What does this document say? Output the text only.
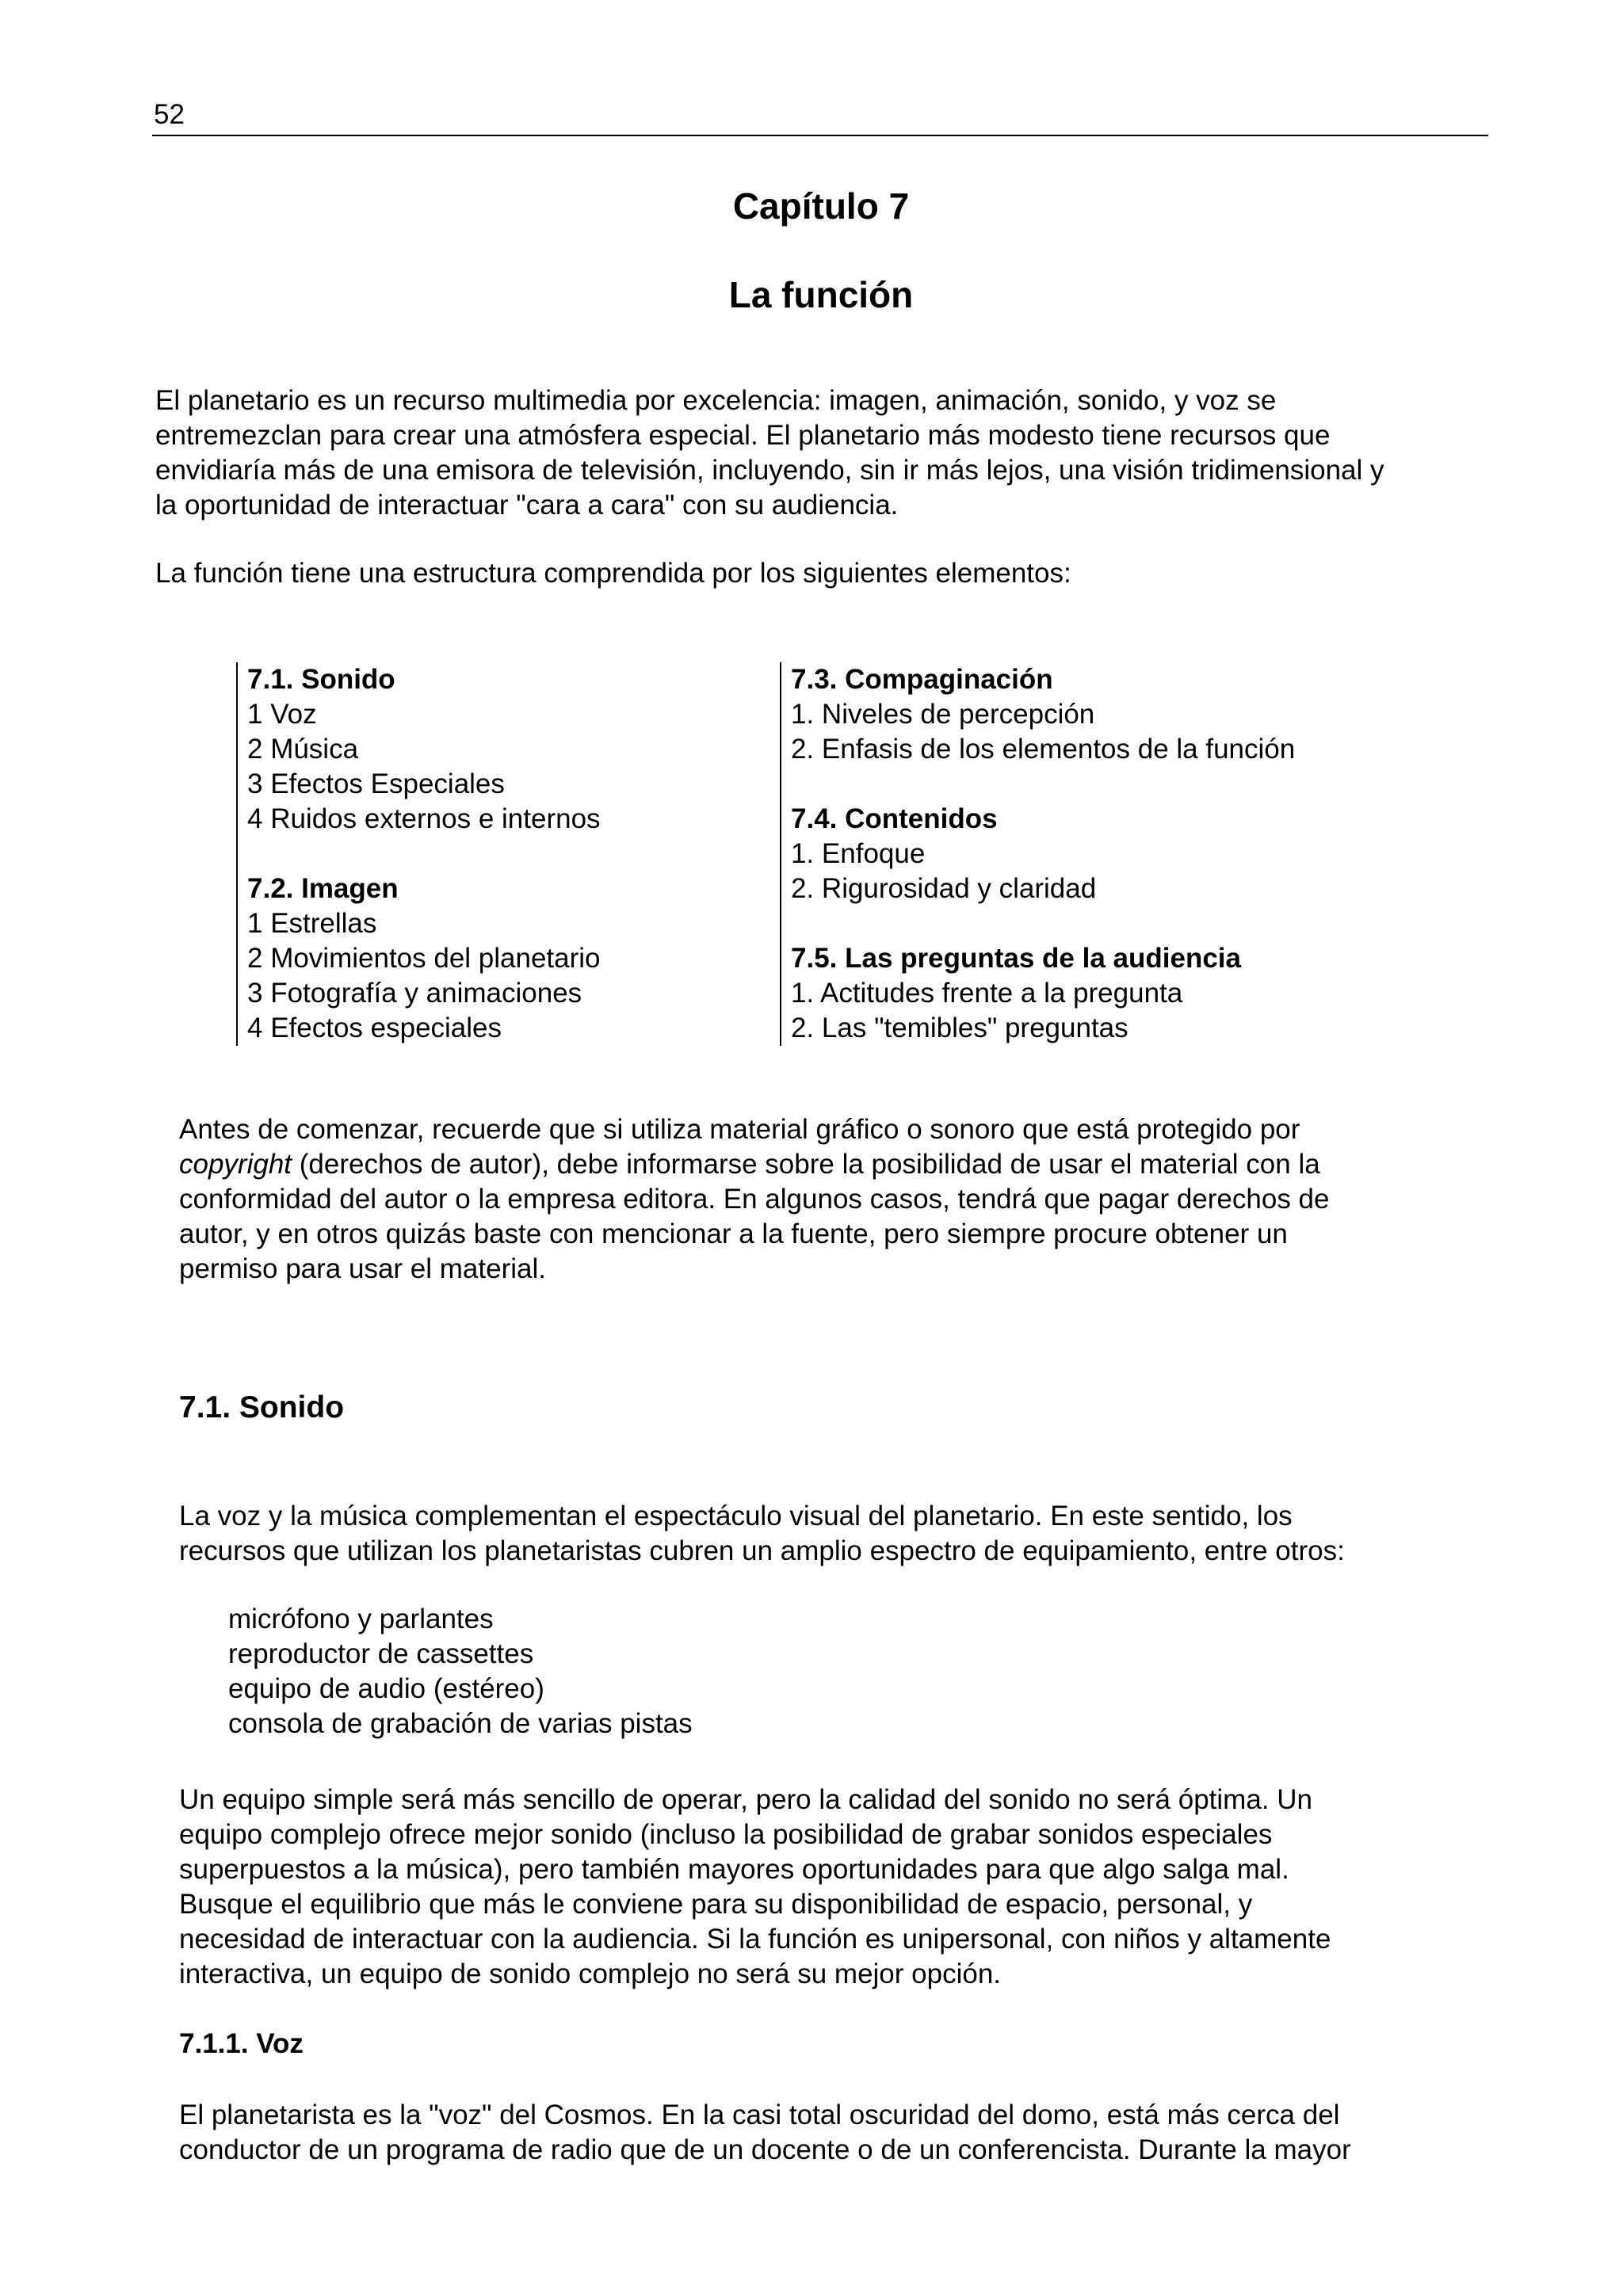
52
Capítulo 7
La función
El planetario es un recurso multimedia por excelencia: imagen, animación, sonido, y voz se
entremezclan para crear una atmósfera especial. El planetario más modesto tiene recursos que
envidiaría más de una emisora de televisión, incluyendo, sin ir más lejos, una visión tridimensional y
la oportunidad de interactuar "cara a cara" con su audiencia.
La función tiene una estructura comprendida por los siguientes elementos:
7.1. Sonido
1 Voz
2 Música
3 Efectos Especiales
4 Ruidos externos e internos
7.2. Imagen
1 Estrellas
2 Movimientos del planetario
3 Fotografía y animaciones
4 Efectos especiales
7.3. Compaginación
1. Niveles de percepción
2. Enfasis de los elementos de la función
7.4. Contenidos
1. Enfoque
2. Rigurosidad y claridad
7.5. Las preguntas de la audiencia
1. Actitudes frente a la pregunta
2. Las "temibles" preguntas
Antes de comenzar, recuerde que si utiliza material gráfico o sonoro que está protegido por
copyright (derechos de autor), debe informarse sobre la posibilidad de usar el material con la
conformidad del autor o la empresa editora. En algunos casos, tendrá que pagar derechos de
autor, y en otros quizás baste con mencionar a la fuente, pero siempre procure obtener un
permiso para usar el material.
7.1. Sonido
La voz y la música complementan el espectáculo visual del planetario. En este sentido, los
recursos que utilizan los planetaristas cubren un amplio espectro de equipamiento, entre otros:
micrófono y parlantes
reproductor de cassettes
equipo de audio (estéreo)
consola de grabación de varias pistas
Un equipo simple será más sencillo de operar, pero la calidad del sonido no será óptima. Un
equipo complejo ofrece mejor sonido (incluso la posibilidad de grabar sonidos especiales
superpuestos a la música), pero también mayores oportunidades para que algo salga mal.
Busque el equilibrio que más le conviene para su disponibilidad de espacio, personal, y
necesidad de interactuar con la audiencia. Si la función es unipersonal, con niños y altamente
interactiva, un equipo de sonido complejo no será su mejor opción.
7.1.1. Voz
El planetarista es la "voz" del Cosmos. En la casi total oscuridad del domo, está más cerca del
conductor de un programa de radio que de un docente o de un conferencista. Durante la mayor
